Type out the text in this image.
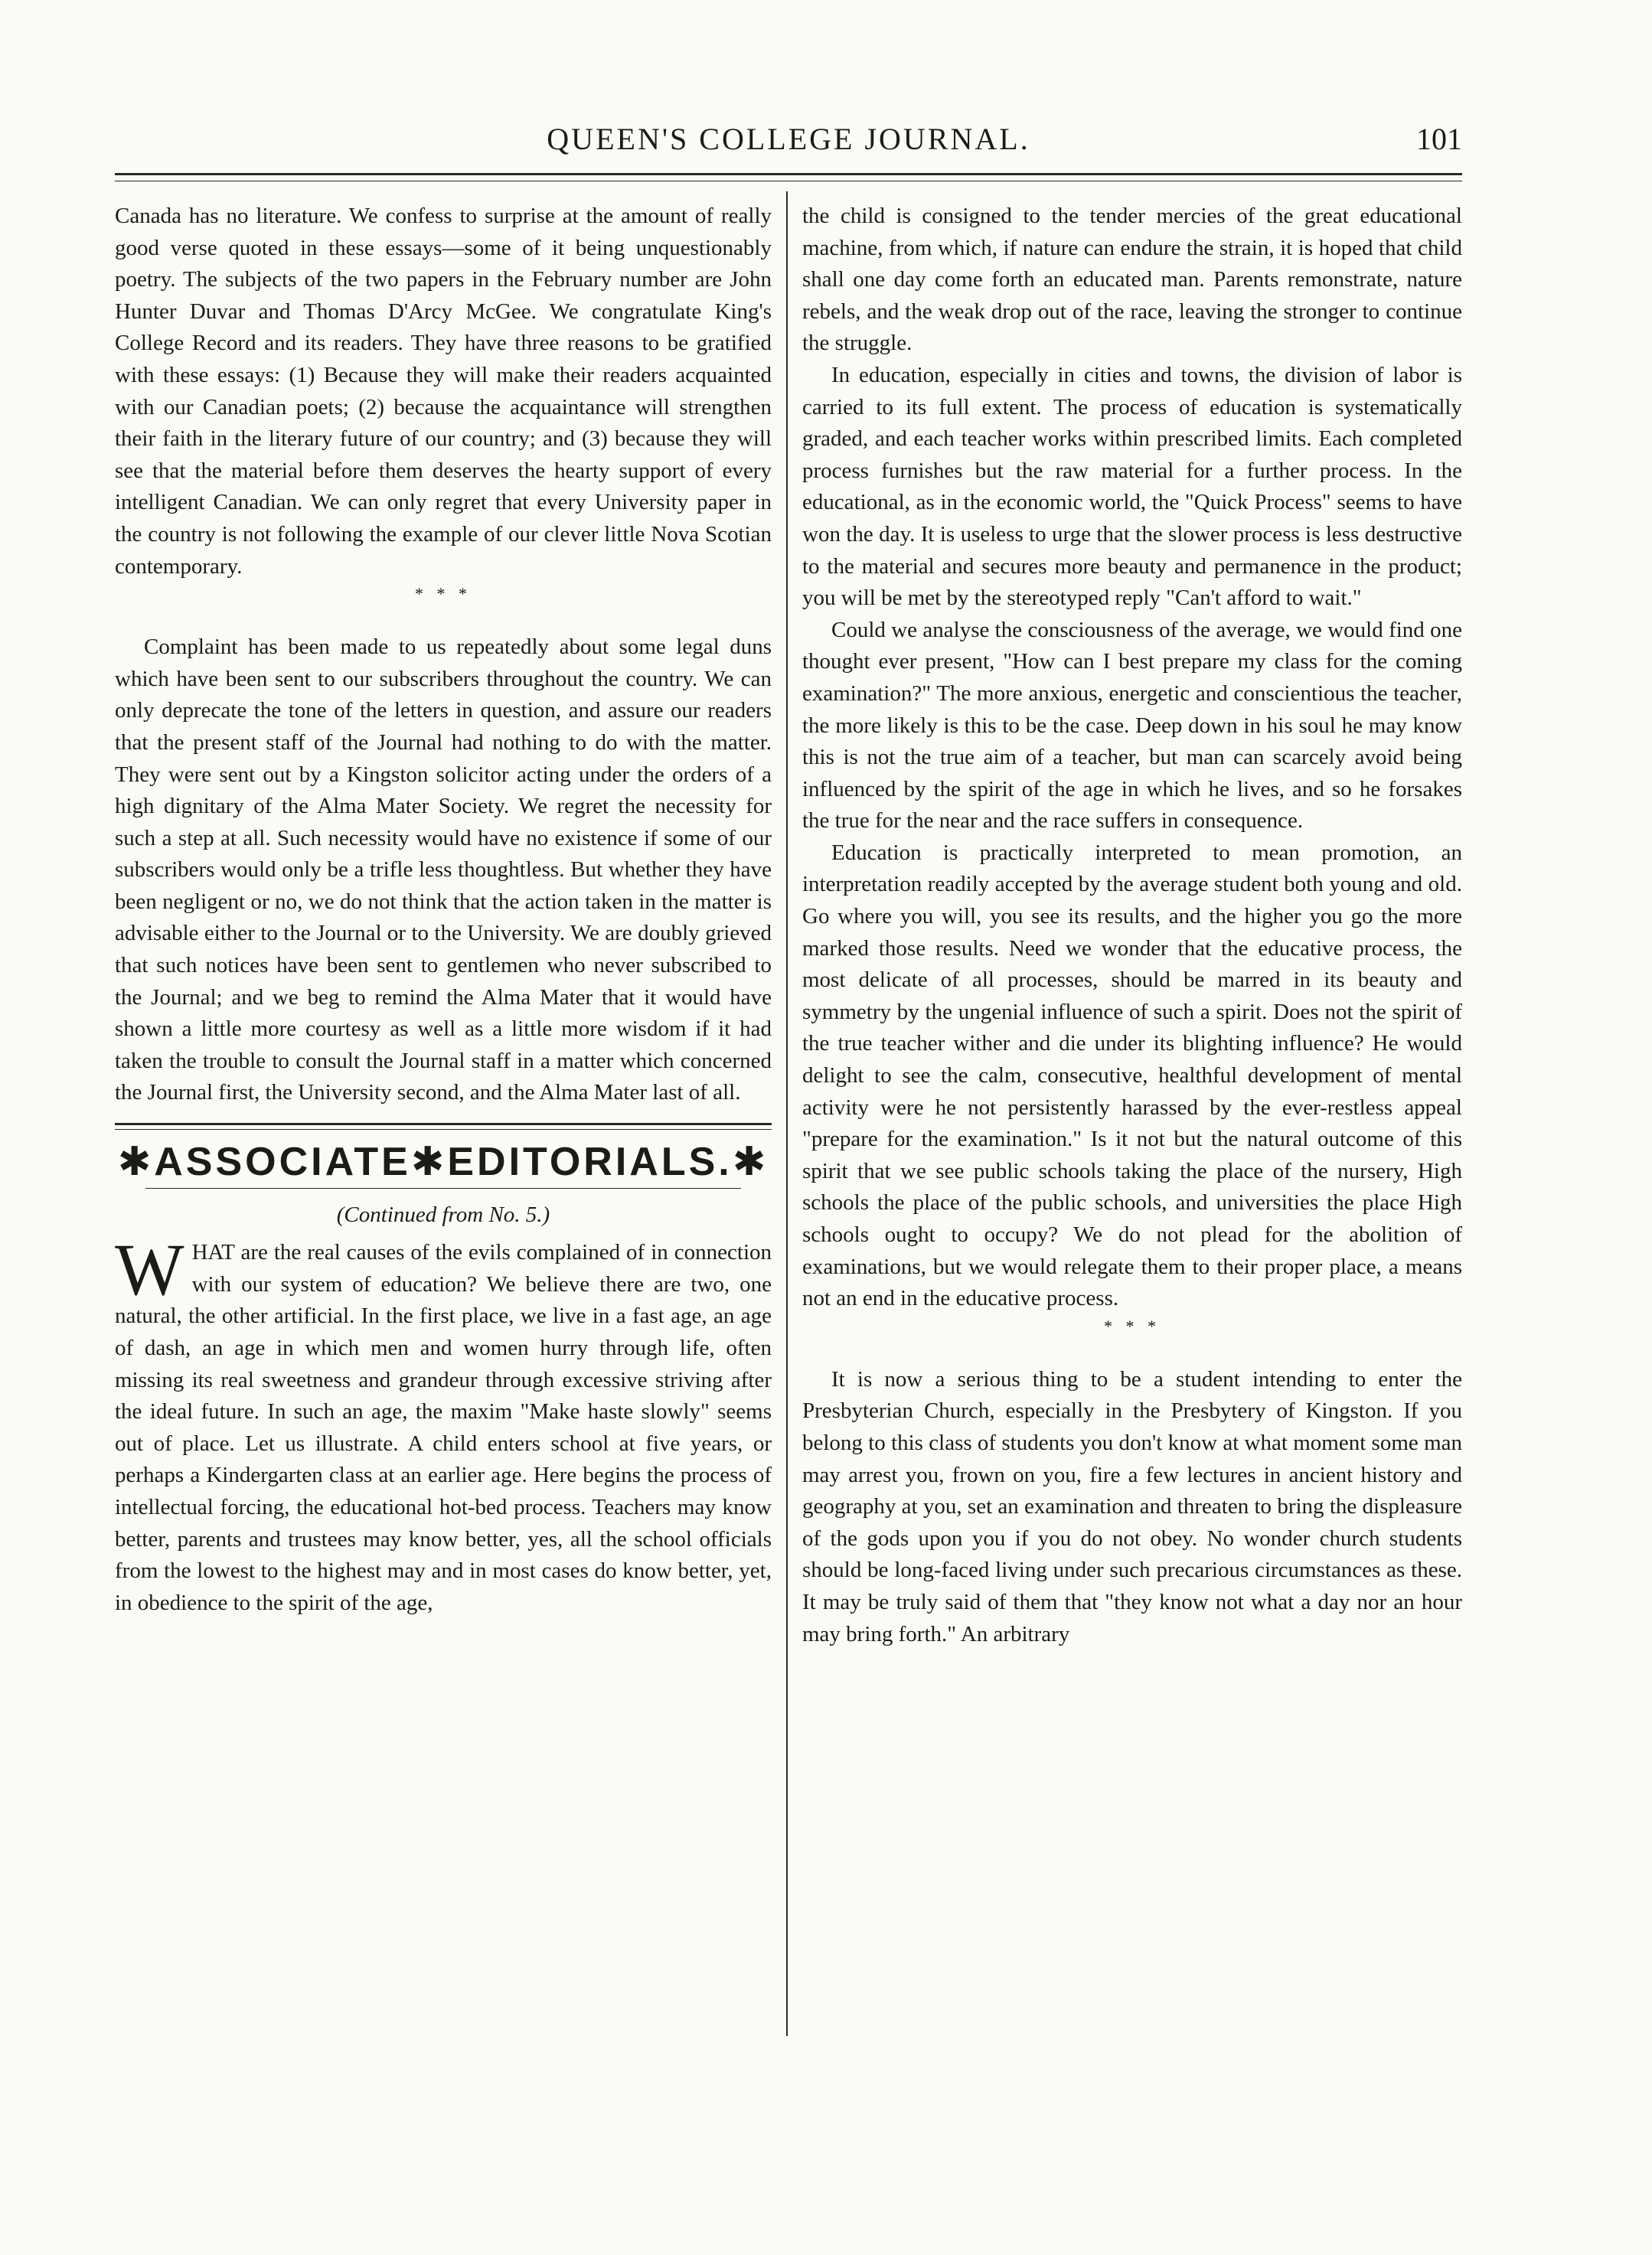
QUEEN'S COLLEGE JOURNAL.	101

Canada has no literature. We confess to surprise at the amount of really good verse quoted in these essays—some of it being unquestionably poetry. The subjects of the two papers in the February number are John Hunter Duvar and Thomas D'Arcy McGee. We congratulate King's College Record and its readers. They have three reasons to be gratified with these essays: (1) Because they will make their readers acquainted with our Canadian poets; (2) because the acquaintance will strengthen their faith in the literary future of our country; and (3) because they will see that the material before them deserves the hearty support of every intelligent Canadian. We can only regret that every University paper in the country is not following the example of our clever little Nova Scotian contemporary.

* * *

Complaint has been made to us repeatedly about some legal duns which have been sent to our subscribers throughout the country. We can only deprecate the tone of the letters in question, and assure our readers that the present staff of the Journal had nothing to do with the matter. They were sent out by a Kingston solicitor acting under the orders of a high dignitary of the Alma Mater Society. We regret the necessity for such a step at all. Such necessity would have no existence if some of our subscribers would only be a trifle less thoughtless. But whether they have been negligent or no, we do not think that the action taken in the matter is advisable either to the Journal or to the University. We are doubly grieved that such notices have been sent to gentlemen who never subscribed to the Journal; and we beg to remind the Alma Mater that it would have shown a little more courtesy as well as a little more wisdom if it had taken the trouble to consult the Journal staff in a matter which concerned the Journal first, the University second, and the Alma Mater last of all.

✱ASSOCIATE✱EDITORIALS.✱
(Continued from No. 5.)

W HAT are the real causes of the evils complained of in connection with our system of education? We believe there are two, one natural, the other artificial. In the first place, we live in a fast age, an age of dash, an age in which men and women hurry through life, often missing its real sweetness and grandeur through excessive striving after the ideal future. In such an age, the maxim "Make haste slowly" seems out of place. Let us illustrate. A child enters school at five years, or perhaps a Kindergarten class at an earlier age. Here begins the process of intellectual forcing, the educational hot-bed process. Teachers may know better, parents and trustees may know better, yes, all the school officials from the lowest to the highest may and in most cases do know better, yet, in obedience to the spirit of the age,

the child is consigned to the tender mercies of the great educational machine, from which, if nature can endure the strain, it is hoped that child shall one day come forth an educated man. Parents remonstrate, nature rebels, and the weak drop out of the race, leaving the stronger to continue the struggle.

In education, especially in cities and towns, the division of labor is carried to its full extent. The process of education is systematically graded, and each teacher works within prescribed limits. Each completed process furnishes but the raw material for a further process. In the educational, as in the economic world, the "Quick Process" seems to have won the day. It is useless to urge that the slower process is less destructive to the material and secures more beauty and permanence in the product; you will be met by the stereotyped reply "Can't afford to wait."

Could we analyse the consciousness of the average, we would find one thought ever present, "How can I best prepare my class for the coming examination?" The more anxious, energetic and conscientious the teacher, the more likely is this to be the case. Deep down in his soul he may know this is not the true aim of a teacher, but man can scarcely avoid being influenced by the spirit of the age in which he lives, and so he forsakes the true for the near and the race suffers in consequence.

Education is practically interpreted to mean promotion, an interpretation readily accepted by the average student both young and old. Go where you will, you see its results, and the higher you go the more marked those results. Need we wonder that the educative process, the most delicate of all processes, should be marred in its beauty and symmetry by the ungenial influence of such a spirit. Does not the spirit of the true teacher wither and die under its blighting influence? He would delight to see the calm, consecutive, healthful development of mental activity were he not persistently harassed by the ever-restless appeal "prepare for the examination." Is it not but the natural outcome of this spirit that we see public schools taking the place of the nursery, High schools the place of the public schools, and universities the place High schools ought to occupy? We do not plead for the abolition of examinations, but we would relegate them to their proper place, a means not an end in the educative process.

* * *

It is now a serious thing to be a student intending to enter the Presbyterian Church, especially in the Presbytery of Kingston. If you belong to this class of students you don't know at what moment some man may arrest you, frown on you, fire a few lectures in ancient history and geography at you, set an examination and threaten to bring the displeasure of the gods upon you if you do not obey. No wonder church students should be long-faced living under such precarious circumstances as these. It may be truly said of them that "they know not what a day nor an hour may bring forth." An arbitrary
